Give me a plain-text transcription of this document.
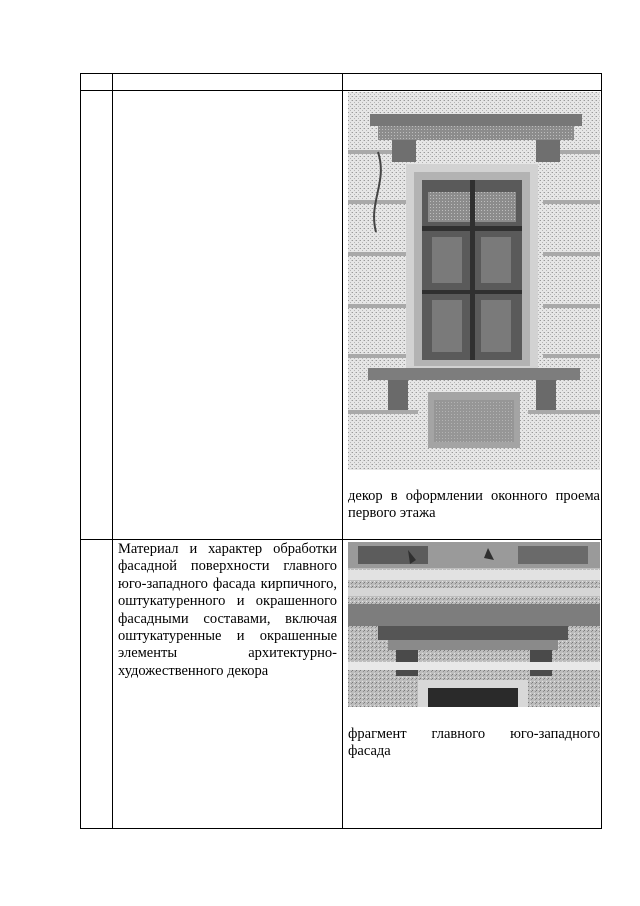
декор в оформлении оконного проема первого этажа
Материал и характер обработки фасадной поверхности главного юго-западного фасада кирпичного, оштукатуренного и окрашенного фасадными составами, включая оштукатуренные и окрашенные элементы архитектурно-художественного декора
фрагмент главного юго-западного фасада
